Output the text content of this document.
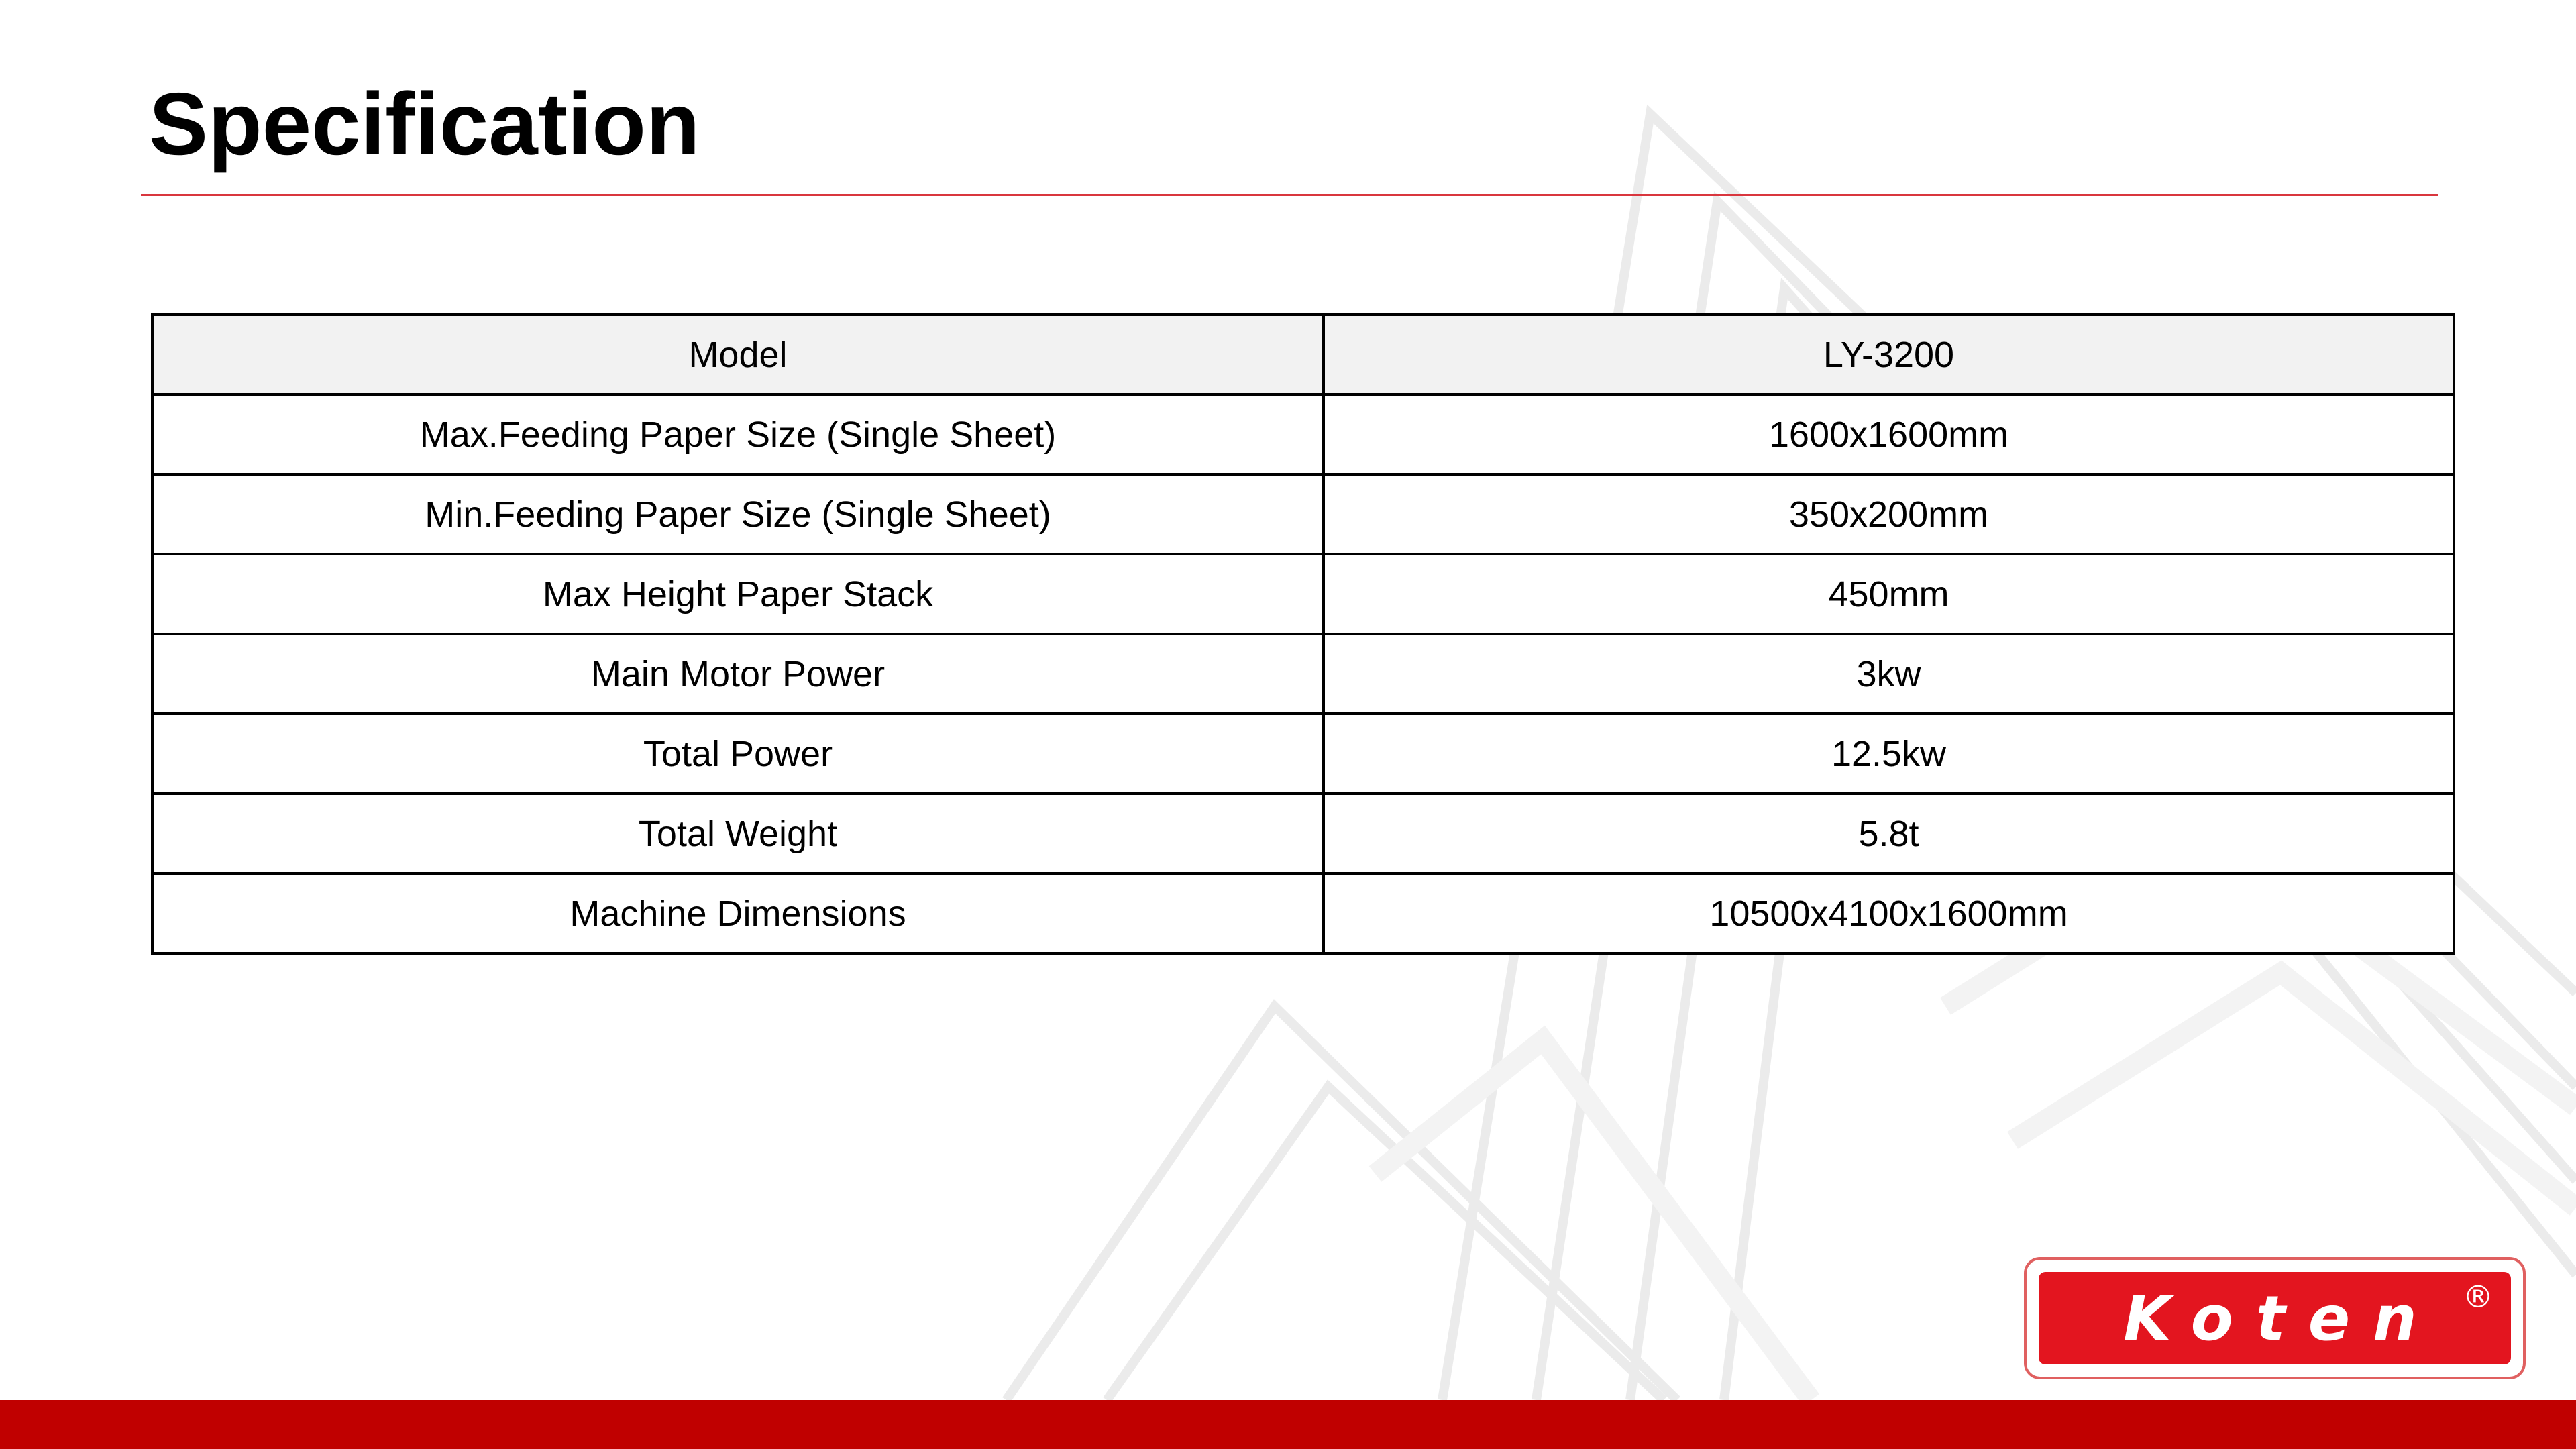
Specification
Model	LY-3200
Max.Feeding Paper Size (Single Sheet)	1600x1600mm
Min.Feeding Paper Size (Single Sheet)	350x200mm
Max Height Paper Stack	450mm
Main Motor Power	3kw
Total Power	12.5kw
Total Weight	5.8t
Machine Dimensions	10500x4100x1600mm
Koten ®
